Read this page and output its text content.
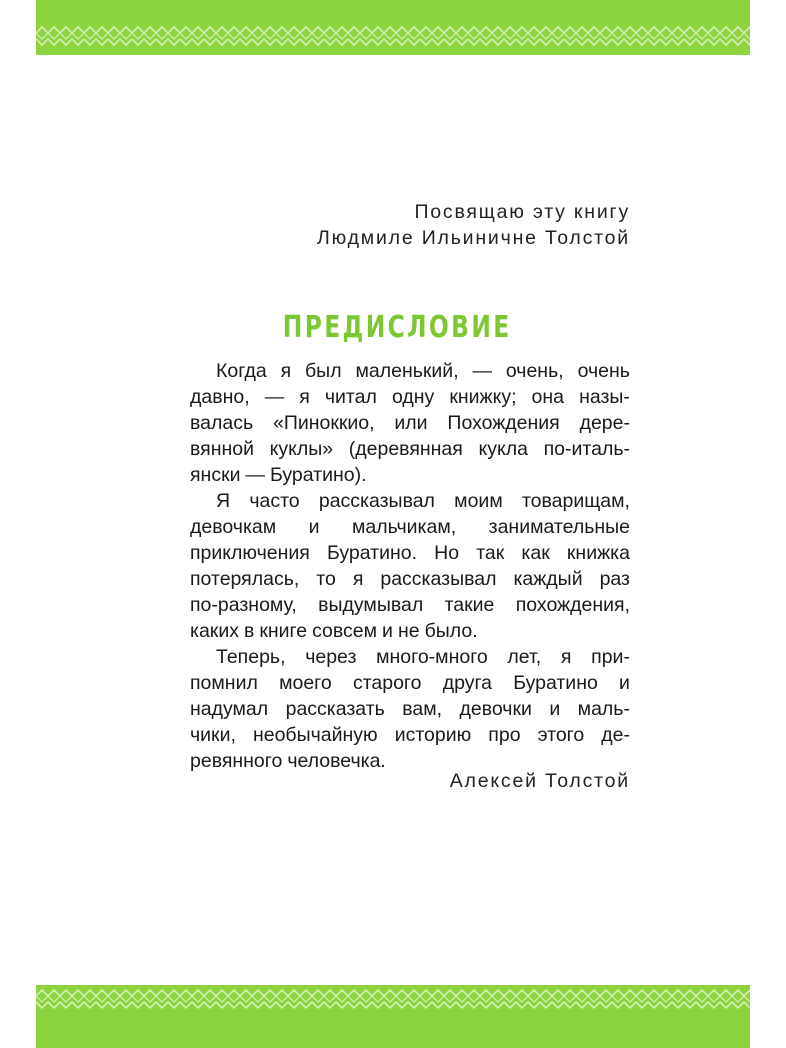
Посвящаю эту книгу
Людмиле Ильиничне Толстой
ПРЕДИСЛОВИЕ
Когда я был маленький, — очень, очень
давно, — я читал одну книжку; она назы-
валась «Пиноккио, или Похождения дере-
вянной куклы» (деревянная кукла по-италь-
янски — Буратино).
Я часто рассказывал моим товарищам,
девочкам и мальчикам, занимательные
приключения Буратино. Но так как книжка
потерялась, то я рассказывал каждый раз
по-разному, выдумывал такие похождения,
каких в книге совсем и не было.
Теперь, через много-много лет, я при-
помнил моего старого друга Буратино и
надумал рассказать вам, девочки и маль-
чики, необычайную историю про этого де-
ревянного человечка.
Алексей Толстой
